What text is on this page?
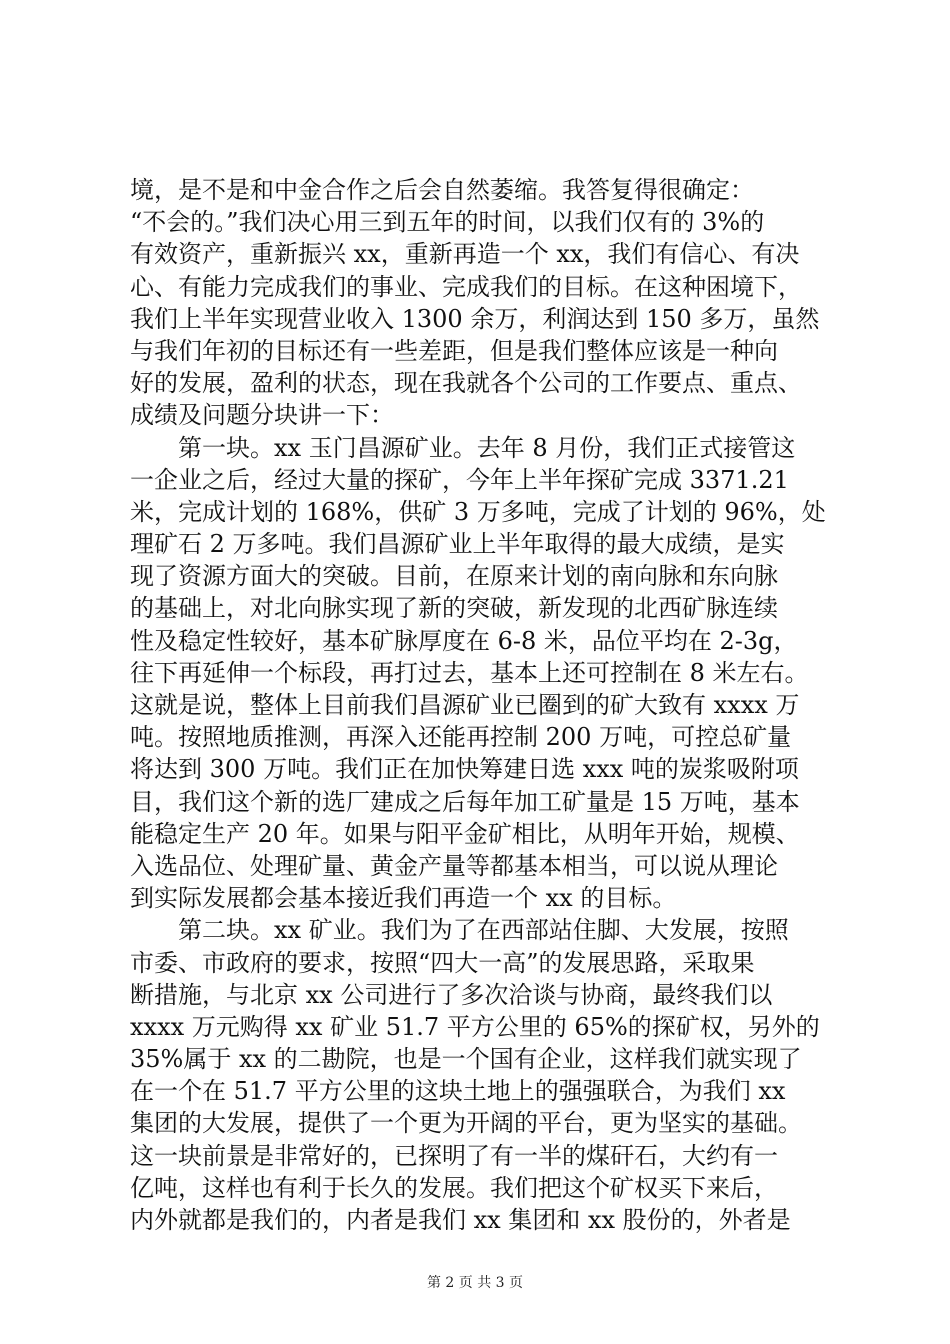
境，是不是和中金合作之后会自然萎缩。我答复得很确定：
“不会的。”我们决心用三到五年的时间，以我们仅有的 3%的
有效资产，重新振兴 xx，重新再造一个 xx，我们有信心、有决
心、有能力完成我们的事业、完成我们的目标。在这种困境下，
我们上半年实现营业收入 1300 余万，利润达到 150 多万，虽然
与我们年初的目标还有一些差距，但是我们整体应该是一种向
好的发展，盈利的状态，现在我就各个公司的工作要点、重点、
成绩及问题分块讲一下：
　　第一块。xx 玉门昌源矿业。去年 8 月份，我们正式接管这
一企业之后，经过大量的探矿，今年上半年探矿完成 3371.21
米，完成计划的 168%，供矿 3 万多吨，完成了计划的 96%，处
理矿石 2 万多吨。我们昌源矿业上半年取得的最大成绩，是实
现了资源方面大的突破。目前，在原来计划的南向脉和东向脉
的基础上，对北向脉实现了新的突破，新发现的北西矿脉连续
性及稳定性较好，基本矿脉厚度在 6-8 米，品位平均在 2-3g，
往下再延伸一个标段，再打过去，基本上还可控制在 8 米左右。
这就是说，整体上目前我们昌源矿业已圈到的矿大致有 xxxx 万
吨。按照地质推测，再深入还能再控制 200 万吨，可控总矿量
将达到 300 万吨。我们正在加快筹建日选 xxx 吨的炭浆吸附项
目，我们这个新的选厂建成之后每年加工矿量是 15 万吨，基本
能稳定生产 20 年。如果与阳平金矿相比，从明年开始，规模、
入选品位、处理矿量、黄金产量等都基本相当，可以说从理论
到实际发展都会基本接近我们再造一个 xx 的目标。
　　第二块。xx 矿业。我们为了在西部站住脚、大发展，按照
市委、市政府的要求，按照“四大一高”的发展思路，采取果
断措施，与北京 xx 公司进行了多次洽谈与协商，最终我们以
xxxx 万元购得 xx 矿业 51.7 平方公里的 65%的探矿权，另外的
35%属于 xx 的二勘院，也是一个国有企业，这样我们就实现了
在一个在 51.7 平方公里的这块土地上的强强联合，为我们 xx
集团的大发展，提供了一个更为开阔的平台，更为坚实的基础。
这一块前景是非常好的，已探明了有一半的煤矸石，大约有一
亿吨，这样也有利于长久的发展。我们把这个矿权买下来后，
内外就都是我们的，内者是我们 xx 集团和 xx 股份的，外者是
第 2 页 共 3 页
